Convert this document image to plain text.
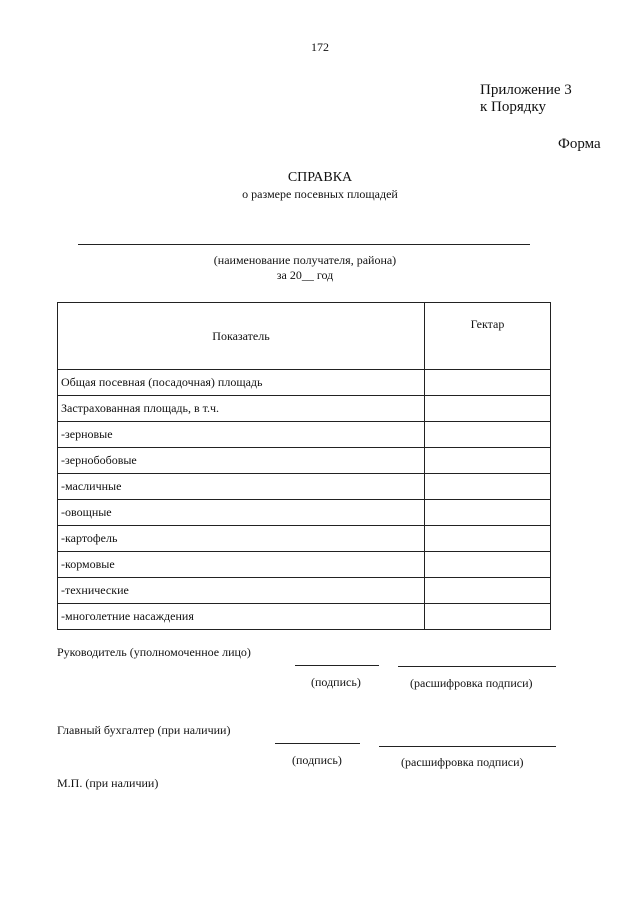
172
Приложение 3
к Порядку
Форма
СПРАВКА
о размере посевных площадей
(наименование получателя, района)
за 20__ год
Показатель	Гектар
Общая посевная (посадочная) площадь	
Застрахованная площадь, в т.ч.	
-зерновые	
-зернобобовые	
-масличные	
-овощные	
-картофель	
-кормовые	
-технические	
-многолетние насаждения	
Руководитель (уполномоченное лицо)
(подпись)	(расшифровка подписи)
Главный бухгалтер (при наличии)
(подпись)	(расшифровка подписи)
М.П. (при наличии)
